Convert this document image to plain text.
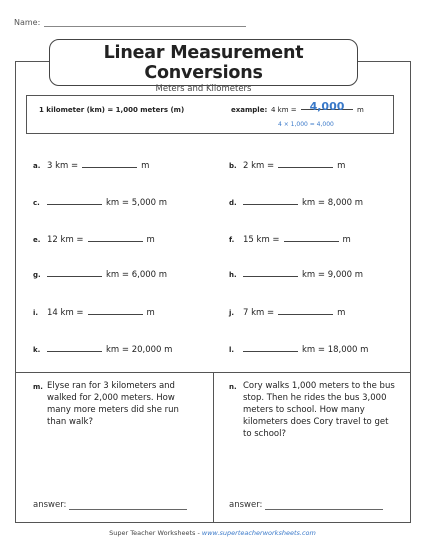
Name:
Linear Measurement Conversions
Meters and Kilometers
1 kilometer (km) = 1,000 meters (m)	example: 4 km =	4,000	m
4 × 1,000 = 4,000
a. 3 km =	m	b. 2 km =	m
c.	km = 5,000 m	d.	km = 8,000 m
e. 12 km =	m	f.	15 km =	m
g.	km = 6,000 m	h.	km = 9,000 m
i.	14 km =	m	j.	7 km =	m
k.	km = 20,000 m	l.	km = 18,000 m
m. Elyse ran for 3 kilometers and walked for 2,000 meters. How many more meters did she run than walk?
n. Cory walks 1,000 meters to the bus stop. Then he rides the bus 3,000 meters to school. How many kilometers does Cory travel to get to school?
answer:	answer:
Super Teacher Worksheets - www.superteacherworksheets.com
